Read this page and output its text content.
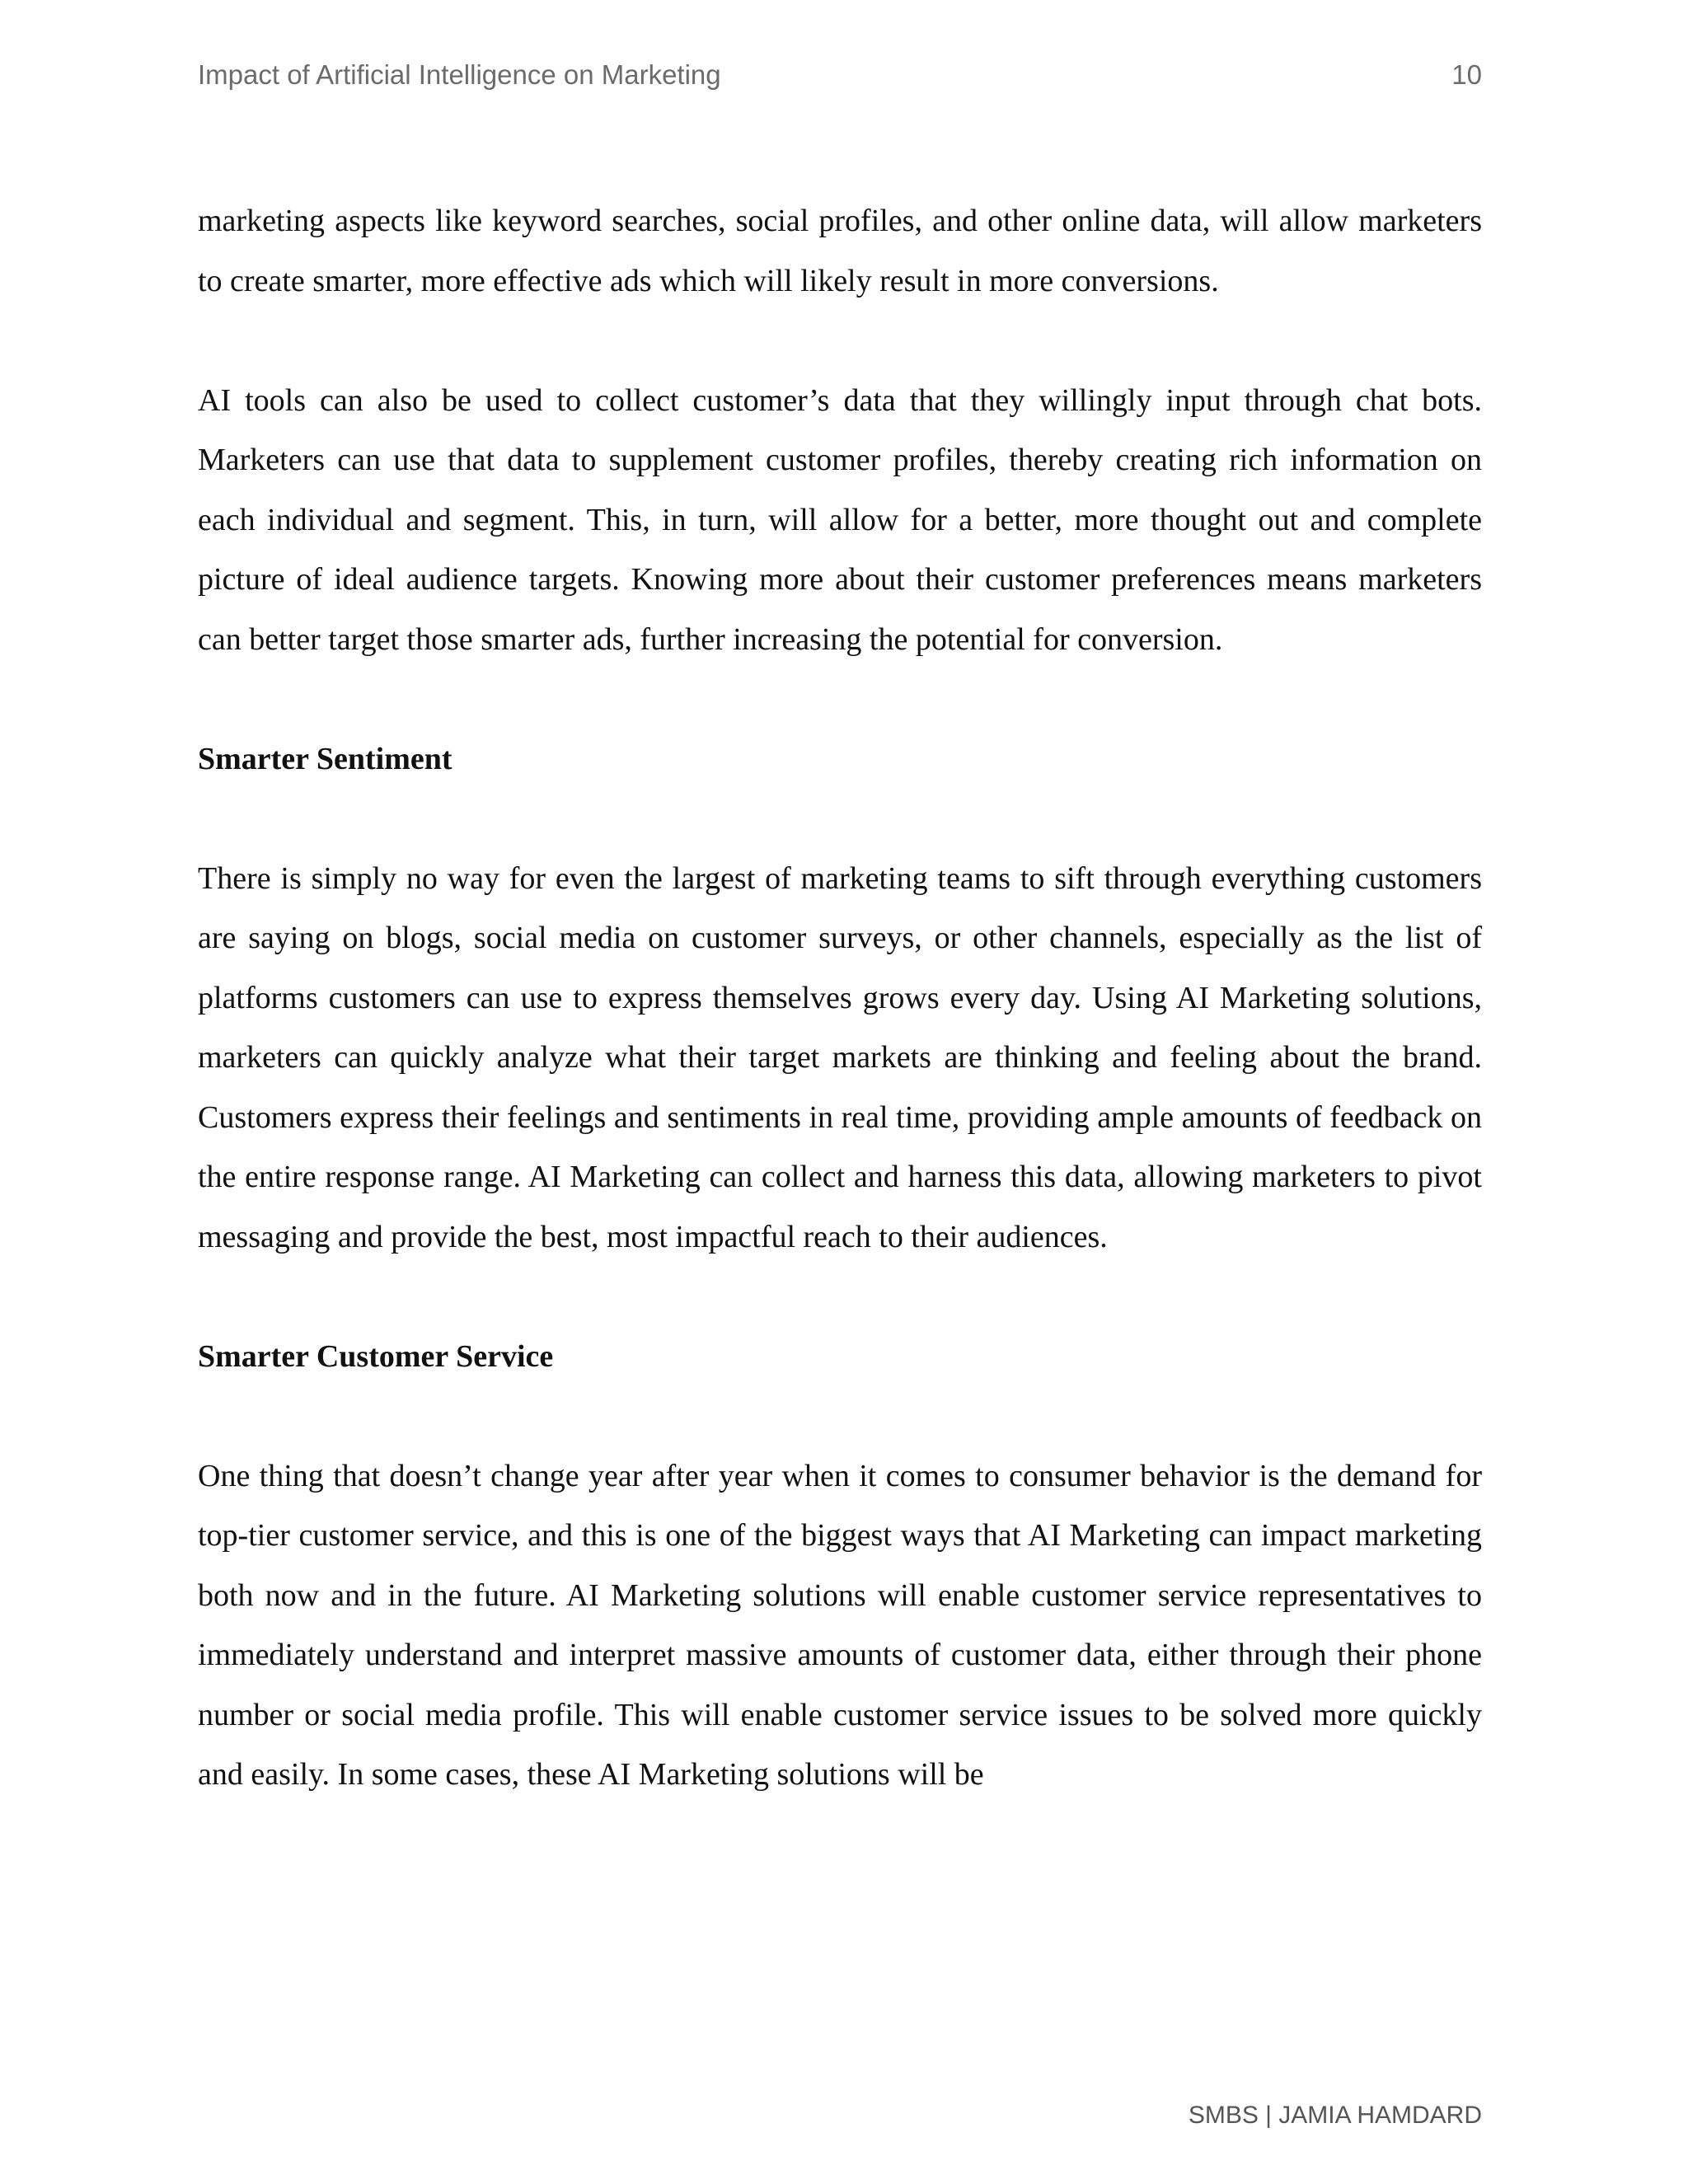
Impact of Artificial Intelligence on Marketing	10

marketing aspects like keyword searches, social profiles, and other online data, will allow marketers to create smarter, more effective ads which will likely result in more conversions.

AI tools can also be used to collect customer’s data that they willingly input through chat bots. Marketers can use that data to supplement customer profiles, thereby creating rich information on each individual and segment. This, in turn, will allow for a better, more thought out and complete picture of ideal audience targets. Knowing more about their customer preferences means marketers can better target those smarter ads, further increasing the potential for conversion.

Smarter Sentiment

There is simply no way for even the largest of marketing teams to sift through everything customers are saying on blogs, social media on customer surveys, or other channels, especially as the list of platforms customers can use to express themselves grows every day. Using AI Marketing solutions, marketers can quickly analyze what their target markets are thinking and feeling about the brand. Customers express their feelings and sentiments in real time, providing ample amounts of feedback on the entire response range. AI Marketing can collect and harness this data, allowing marketers to pivot messaging and provide the best, most impactful reach to their audiences.

Smarter Customer Service

One thing that doesn’t change year after year when it comes to consumer behavior is the demand for top-tier customer service, and this is one of the biggest ways that AI Marketing can impact marketing both now and in the future. AI Marketing solutions will enable customer service representatives to immediately understand and interpret massive amounts of customer data, either through their phone number or social media profile. This will enable customer service issues to be solved more quickly and easily. In some cases, these AI Marketing solutions will be

SMBS | JAMIA HAMDARD
